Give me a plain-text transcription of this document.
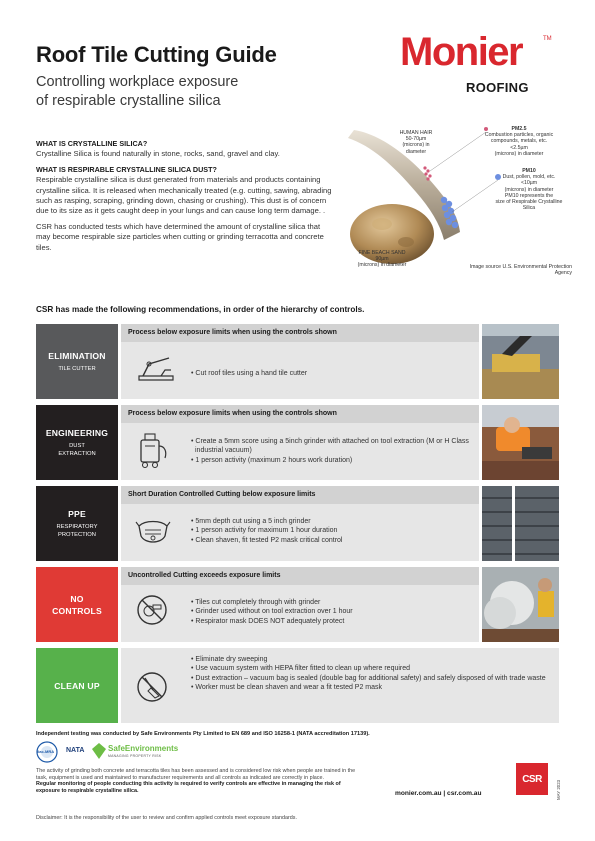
Roof Tile Cutting Guide
Controlling workplace exposure
of respirable crystalline silica
Monier	TM
ROOFING
WHAT IS CRYSTALLINE SILICA?

Crystalline Silica is found naturally in stone, rocks, sand, gravel and clay.

WHAT IS RESPIRABLE CRYSTALLINE SILICA DUST?

Respirable crystalline silica is dust generated from materials and products containing crystalline silica. It is released when mechanically treated (e.g. cutting, sawing, abrading such as rasping, scraping, grinding down, chasing or crushing). This dust is of concern due to its size as it gets caught deep in your lungs and can cause long term damage. .

CSR has conducted tests which have determined the amount of crystalline silica that may become respirable size particles when cutting or grinding terracotta and concrete tiles.

HUMAN HAIR
50-70µm
(microns) in diameter
PM2.5
Combustion particles, organic compounds, metals, etc.
<2.5µm
(microns) in diameter
PM10
Dust, pollen, mold, etc.
<10µm
(microns) in diameter
PM10 represents the
size of Respirable Crystalline Silica
FINE BEACH SAND
90µm
(microns) in diameter	Image source U.S. Environmental Protection Agency
CSR has made the following recommendations, in order of the hierarchy of controls.
ELIMINATION
TILE CUTTER
Process below exposure limits when using the controls shown
• Cut roof tiles using a hand tile cutter
ENGINEERING
DUST
EXTRACTION
Process below exposure limits when using the controls shown
• Create a 5mm score using a 5inch grinder with attached on tool extraction (M or H Class industrial vacuum)
• 1 person activity (maximum 2 hours work duration)
PPE
RESPIRATORY
PROTECTION
Short Duration Controlled Cutting below exposure limits
• 5mm depth cut using a 5 inch grinder
• 1 person activity for maximum 1 hour duration
• Clean shaven, fit tested P2 mask critical control
NO
CONTROLS
Uncontrolled Cutting exceeds exposure limits
• Tiles cut completely through with grinder
• Grinder used without on tool extraction over 1 hour
• Respirator mask DOES NOT adequately protect
CLEAN UP
• Eliminate dry sweeping
• Use vacuum system with HEPA filter fitted to clean up where required
• Dust extraction – vacuum bag is sealed (double bag for additional safety) and safely disposed of with trade waste
• Worker must be clean shaven and wear a fit tested P2 mask
Independent testing was conducted by Safe Environments Pty Limited to EN 689 and ISO 16258-1 (NATA accreditation 17139).
ilac-MRA NATA	SafeEnvironments
MANAGING PROPERTY RISK
The activity of grinding both concrete and terracotta tiles has been assessed and is considered low risk when people are trained in the task, equipment is used and maintained to manufacturer requirements and all controls as indicated are correctly in place.
Regular monitoring of people conducting this activity is required to verify controls are effective in managing the risk of exposure to respirable crystalline silica.	monier.com.au | csr.com.au
CSR
MAY 2023
Disclaimer: It is the responsibility of the user to review and confirm applied controls meet exposure standards.
